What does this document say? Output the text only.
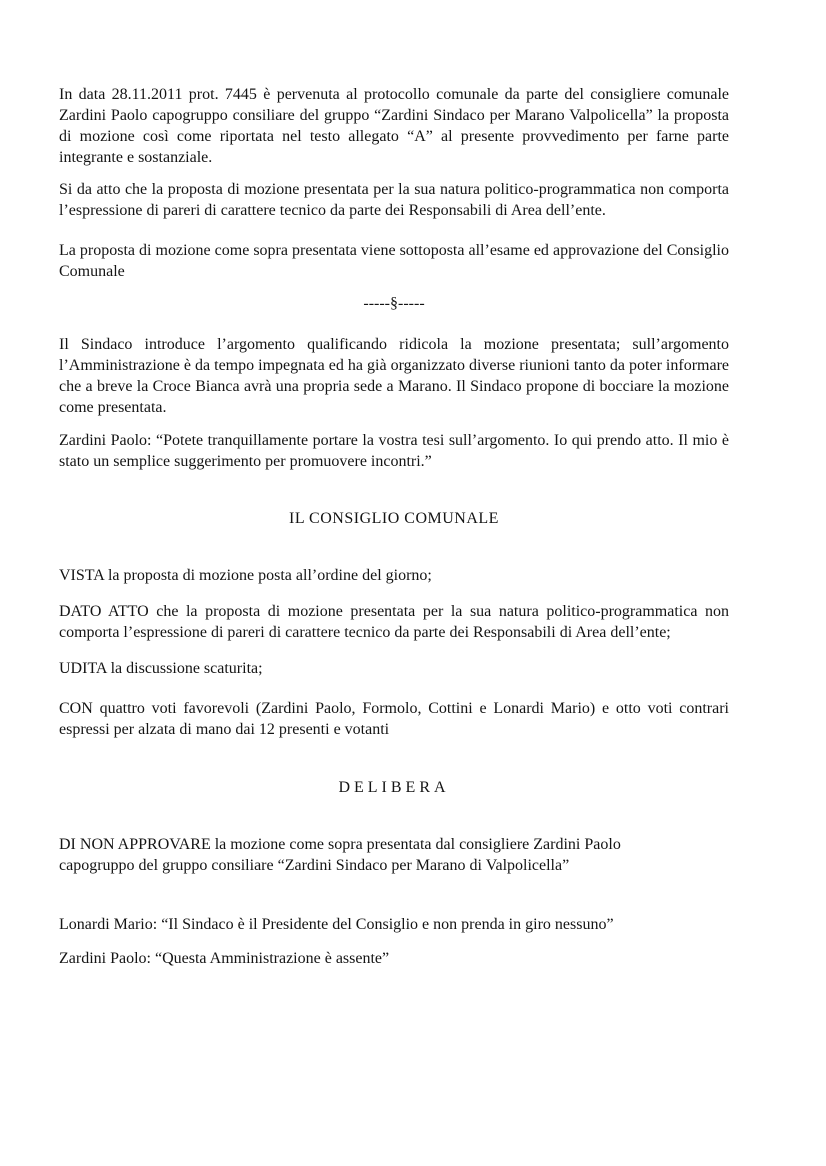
In data 28.11.2011 prot. 7445 è pervenuta al protocollo comunale da parte del consigliere comunale Zardini Paolo capogruppo consiliare del gruppo “Zardini Sindaco per Marano Valpolicella” la proposta di mozione così come riportata nel testo allegato “A” al presente provvedimento per farne parte integrante e sostanziale.

Si da atto che la proposta di mozione presentata per la sua natura politico-programmatica non comporta l’espressione di pareri di carattere tecnico da parte dei Responsabili di Area dell’ente.

La proposta di mozione come sopra presentata viene sottoposta all’esame ed approvazione del Consiglio Comunale

-----§-----

Il Sindaco introduce l’argomento qualificando ridicola la mozione presentata; sull’argomento l’Amministrazione è da tempo impegnata ed ha già organizzato diverse riunioni tanto da poter informare che a breve la Croce Bianca avrà una propria sede a Marano. Il Sindaco propone di bocciare la mozione come presentata.

Zardini Paolo: “Potete tranquillamente portare la vostra tesi sull’argomento. Io qui prendo atto. Il mio è stato un semplice suggerimento per promuovere incontri.”

IL CONSIGLIO COMUNALE

VISTA la proposta di mozione posta all’ordine del giorno;

DATO ATTO che la proposta di mozione presentata per la sua natura politico-programmatica non comporta l’espressione di pareri di carattere tecnico da parte dei Responsabili di Area dell’ente;

UDITA la discussione scaturita;

CON quattro voti favorevoli (Zardini Paolo, Formolo, Cottini e Lonardi Mario) e otto voti contrari espressi per alzata di mano dai 12 presenti e votanti

DELIBERA

DI NON APPROVARE la mozione come sopra presentata dal consigliere Zardini Paolo capogruppo del gruppo consiliare “Zardini Sindaco per Marano di Valpolicella”

Lonardi Mario: “Il Sindaco è il Presidente del Consiglio e non prenda in giro nessuno”

Zardini Paolo: “Questa Amministrazione è assente”
